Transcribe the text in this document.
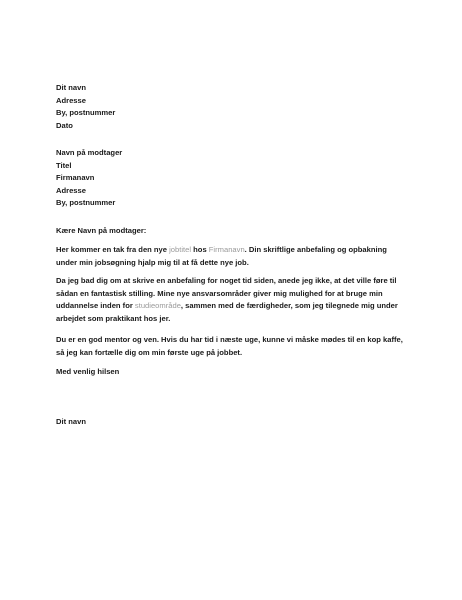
Dit navn
Adresse
By, postnummer
Dato
Navn på modtager
Titel
Firmanavn
Adresse
By, postnummer
Kære Navn på modtager:
Her kommer en tak fra den nye jobtitel hos Firmanavn. Din skriftlige anbefaling og opbakning
under min jobsøgning hjalp mig til at få dette nye job.
Da jeg bad dig om at skrive en anbefaling for noget tid siden, anede jeg ikke, at det ville føre til
sådan en fantastisk stilling. Mine nye ansvarsområder giver mig mulighed for at bruge min
uddannelse inden for studieområde, sammen med de færdigheder, som jeg tilegnede mig under
arbejdet som praktikant hos jer.
Du er en god mentor og ven. Hvis du har tid i næste uge, kunne vi måske mødes til en kop kaffe,
så jeg kan fortælle dig om min første uge på jobbet.
Med venlig hilsen
Dit navn
